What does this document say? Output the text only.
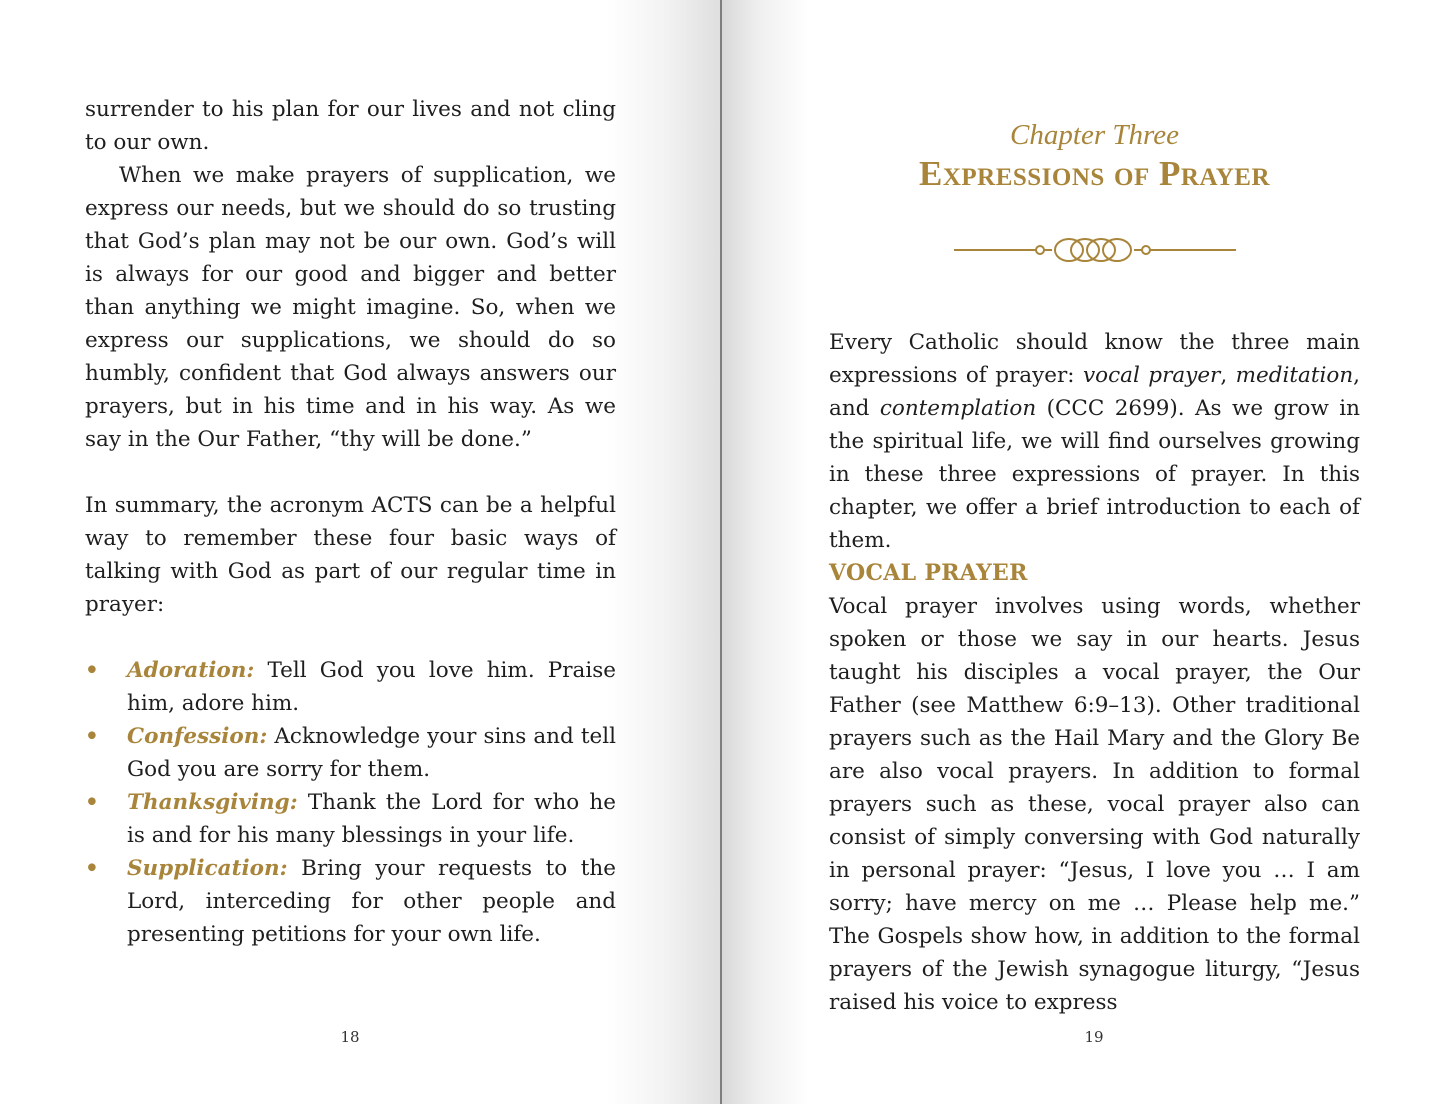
surrender to his plan for our lives and not cling to our own.

When we make prayers of supplication, we express our needs, but we should do so trusting that God’s plan may not be our own. God’s will is always for our good and bigger and better than anything we might imagine. So, when we express our supplications, we should do so humbly, confident that God always answers our prayers, but in his time and in his way. As we say in the Our Father, “thy will be done.”

In summary, the acronym ACTS can be a helpful way to remember these four basic ways of talking with God as part of our regular time in prayer:

• Adoration: Tell God you love him. Praise him, adore him.
• Confession: Acknowledge your sins and tell God you are sorry for them.
• Thanksgiving: Thank the Lord for who he is and for his many blessings in your life.
• Supplication: Bring your requests to the Lord, interceding for other people and presenting petitions for your own life.
18
Chapter Three
Expressions of Prayer

Every Catholic should know the three main expressions of prayer: vocal prayer, meditation, and contemplation (CCC 2699). As we grow in the spiritual life, we will find ourselves growing in these three expressions of prayer. In this chapter, we offer a brief introduction to each of them.

VOCAL PRAYER

Vocal prayer involves using words, whether spoken or those we say in our hearts. Jesus taught his disciples a vocal prayer, the Our Father (see Matthew 6:9–13). Other traditional prayers such as the Hail Mary and the Glory Be are also vocal prayers. In addition to formal prayers such as these, vocal prayer also can consist of simply conversing with God naturally in personal prayer: “Jesus, I love you … I am sorry; have mercy on me … Please help me.” The Gospels show how, in addition to the formal prayers of the Jewish synagogue liturgy, “Jesus raised his voice to express

19
